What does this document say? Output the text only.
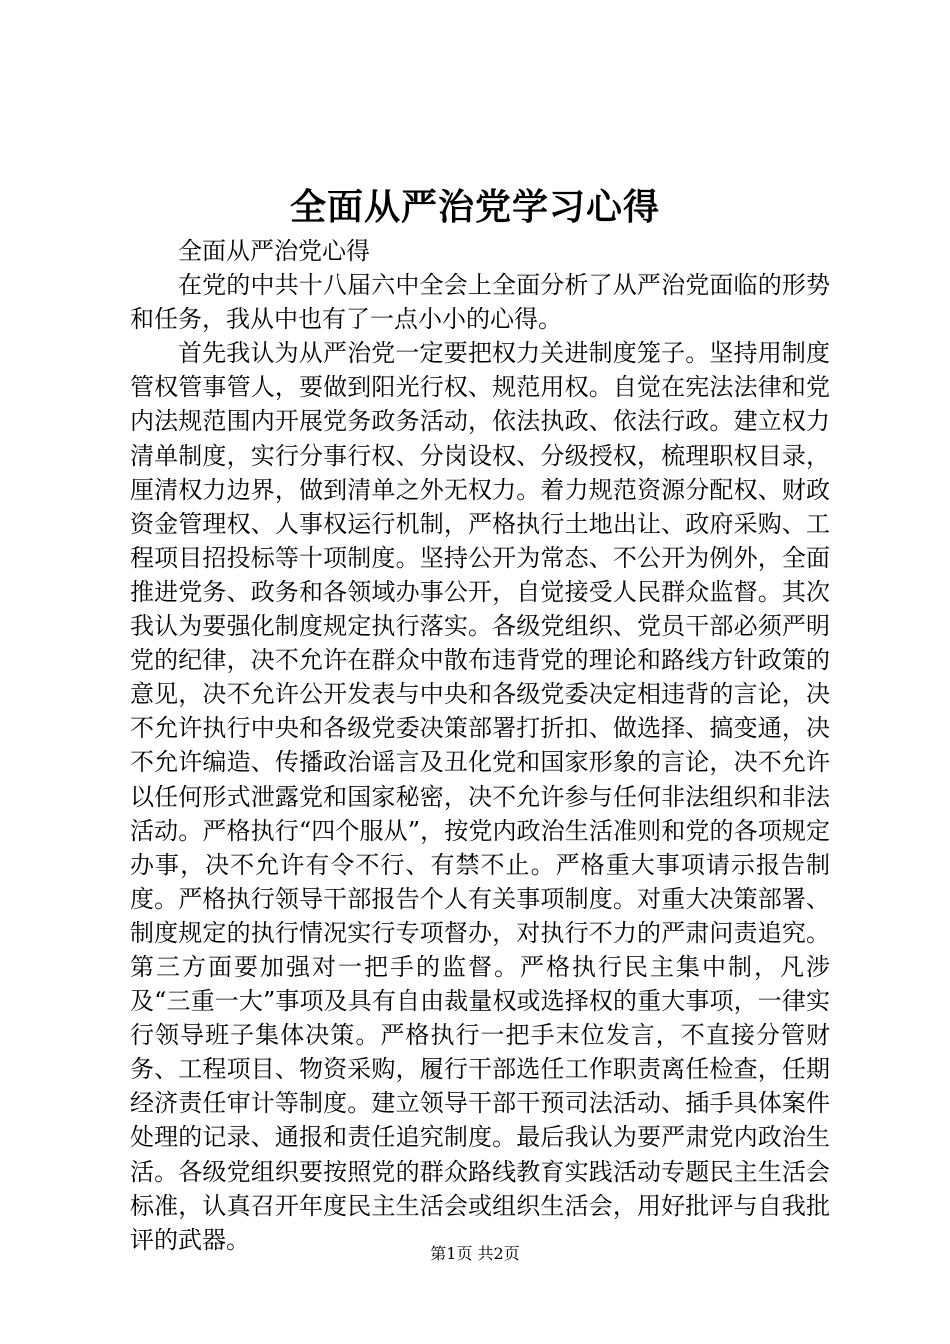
全面从严治党学习心得

全面从严治党心得

在党的中共十八届六中全会上全面分析了从严治党面临的形势和任务，我从中也有了一点小小的心得。

首先我认为从严治党一定要把权力关进制度笼子。坚持用制度管权管事管人，要做到阳光行权、规范用权。自觉在宪法法律和党内法规范围内开展党务政务活动，依法执政、依法行政。建立权力清单制度，实行分事行权、分岗设权、分级授权，梳理职权目录，厘清权力边界，做到清单之外无权力。着力规范资源分配权、财政资金管理权、人事权运行机制，严格执行土地出让、政府采购、工程项目招投标等十项制度。坚持公开为常态、不公开为例外，全面推进党务、政务和各领域办事公开，自觉接受人民群众监督。其次我认为要强化制度规定执行落实。各级党组织、党员干部必须严明党的纪律，决不允许在群众中散布违背党的理论和路线方针政策的意见，决不允许公开发表与中央和各级党委决定相违背的言论，决不允许执行中央和各级党委决策部署打折扣、做选择、搞变通，决不允许编造、传播政治谣言及丑化党和国家形象的言论，决不允许以任何形式泄露党和国家秘密，决不允许参与任何非法组织和非法活动。严格执行“四个服从”，按党内政治生活准则和党的各项规定办事，决不允许有令不行、有禁不止。严格重大事项请示报告制度。严格执行领导干部报告个人有关事项制度。对重大决策部署、制度规定的执行情况实行专项督办，对执行不力的严肃问责追究。第三方面要加强对一把手的监督。严格执行民主集中制，凡涉及“三重一大”事项及具有自由裁量权或选择权的重大事项，一律实行领导班子集体决策。严格执行一把手末位发言，不直接分管财务、工程项目、物资采购，履行干部选任工作职责离任检查，任期经济责任审计等制度。建立领导干部干预司法活动、插手具体案件处理的记录、通报和责任追究制度。最后我认为要严肃党内政治生活。各级党组织要按照党的群众路线教育实践活动专题民主生活会标准，认真召开年度民主生活会或组织生活会，用好批评与自我批评的武器。	第1页 共2页
